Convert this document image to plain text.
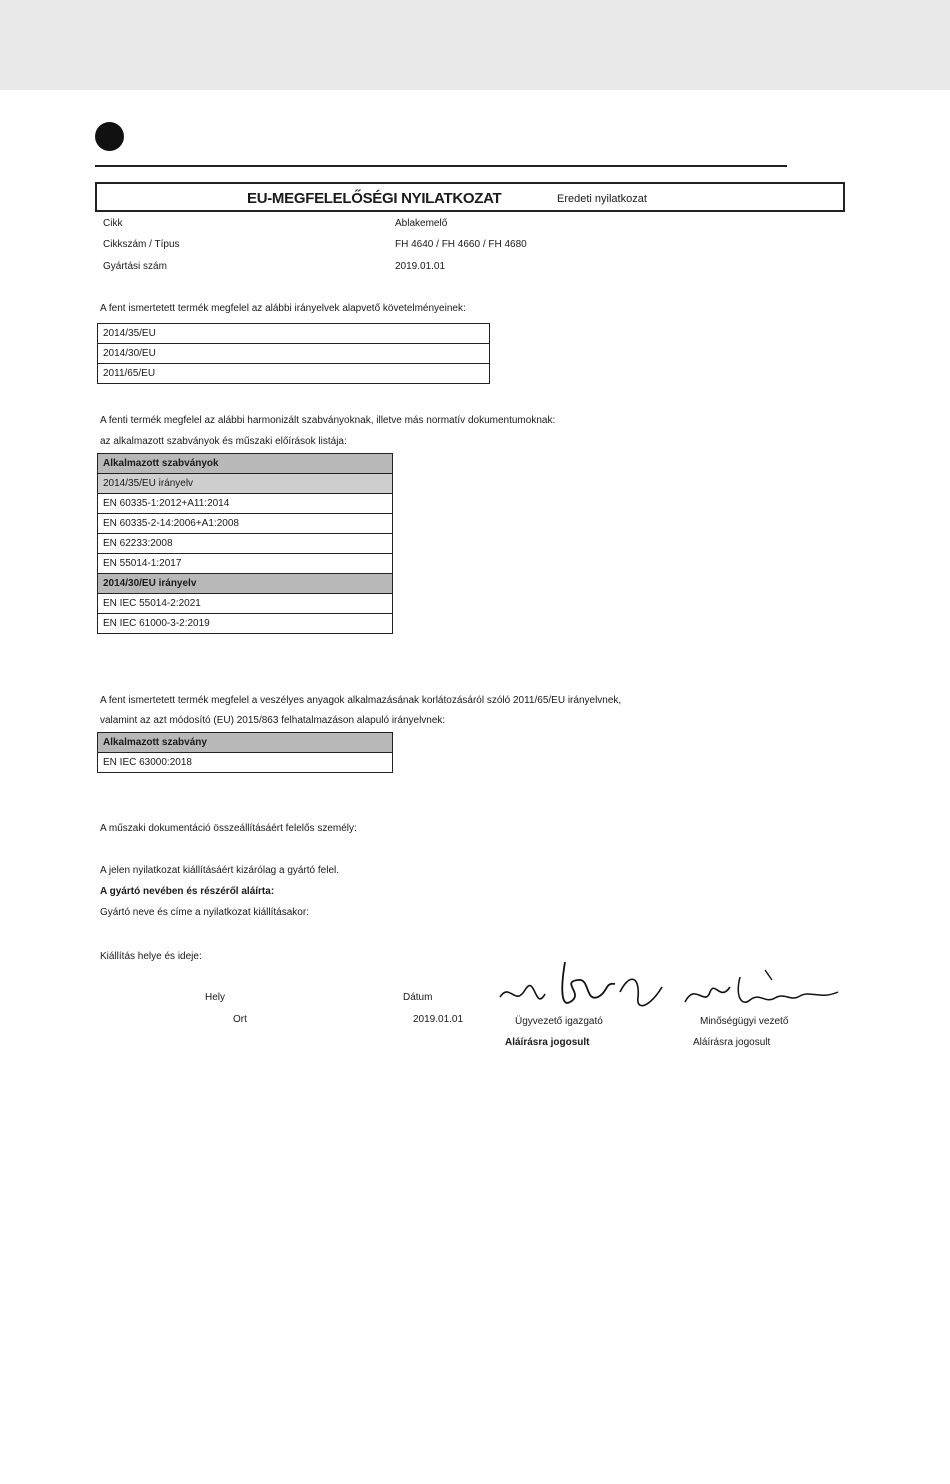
EU-MEGFELELŐSÉGI NYILATKOZAT	Eredeti nyilatkozat
Cikk	Ablakemelő
Cikkszám / Típus	FH 4640 / FH 4660 / FH 4680
Gyártási szám	2019.01.01
A fent ismertetett termék megfelel az alábbi irányelvek alapvető követelményeinek:
2014/35/EU
2014/30/EU
2011/65/EU
A fenti termék megfelel az alábbi harmonizált szabványoknak, illetve más normatív dokumentumoknak:
az alkalmazott szabványok és műszaki előírások listája:
Alkalmazott szabványok
2014/35/EU irányelv
EN 60335-1:2012+A11:2014
EN 60335-2-14:2006+A1:2008
EN 62233:2008
EN 55014-1:2017
2014/30/EU irányelv
EN IEC 55014-2:2021
EN IEC 61000-3-2:2019
A fent ismertetett termék megfelel a veszélyes anyagok alkalmazásának korlátozásáról szóló 2011/65/EU irányelvnek,
valamint az azt módosító (EU) 2015/863 felhatalmazáson alapuló irányelvnek:
Alkalmazott szabvány
EN IEC 63000:2018
A műszaki dokumentáció összeállításáért felelős személy:
A jelen nyilatkozat kiállításáért kizárólag a gyártó felel.
A gyártó nevében és részéről aláírta:
Gyártó neve és címe a nyilatkozat kiállításakor:
Kiállítás helye és ideje:
Hely
Ort
Dátum
2019.01.01	Ügyvezető igazgató
Aláírásra jogosult
Minőségügyi vezető
Aláírásra jogosult
